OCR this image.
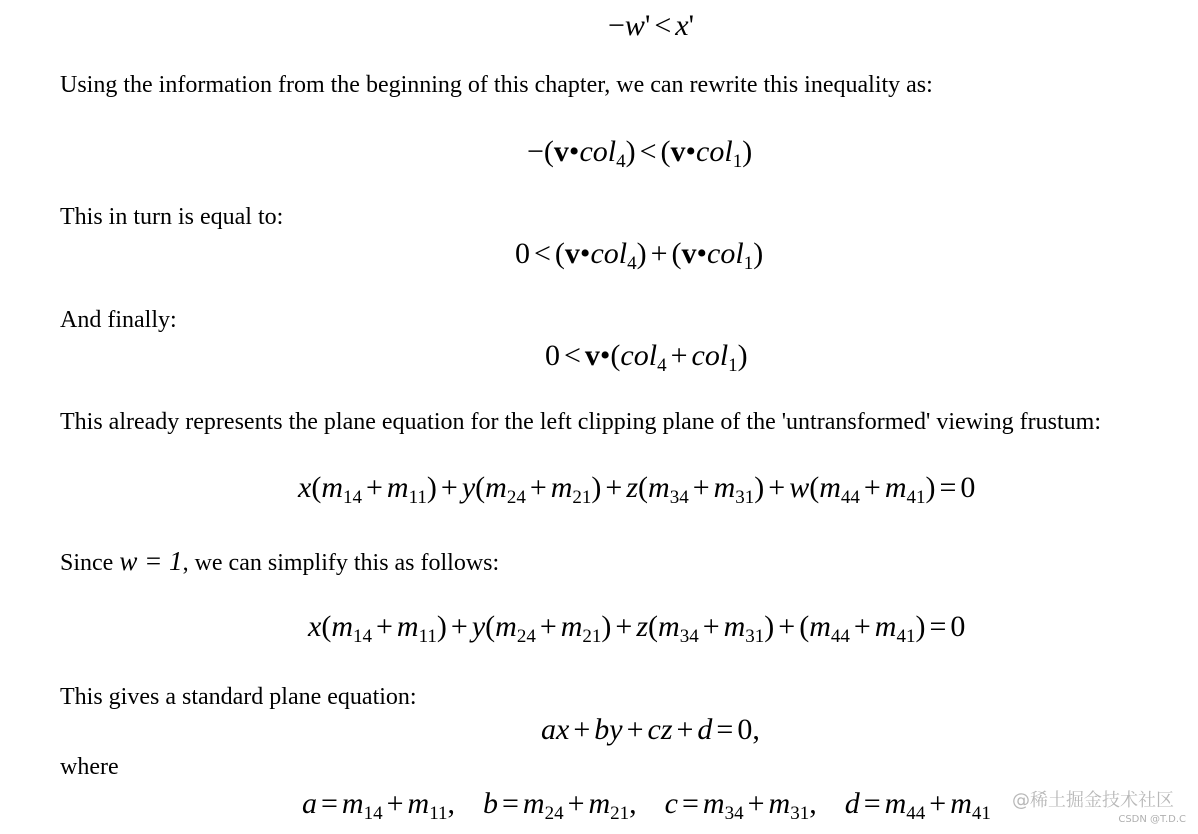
−w' < x'

Using the information from the beginning of this chapter, we can rewrite this inequality as:

−(v•col$_4$) < (v•col$_1$)

This in turn is equal to:

0 < (v•col$_4$) + (v•col$_1$)

And finally:

0 < v•(col$_4$ + col$_1$)

This already represents the plane equation for the left clipping plane of the 'untransformed' viewing frustum:

$x(m_{14} + m_{11}) + y(m_{24} + m_{21}) + z(m_{34} + m_{31}) + w(m_{44} + m_{41}) = 0$

Since w = 1, we can simplify this as follows:

$x(m_{14} + m_{11}) + y(m_{24} + m_{21}) + z(m_{34} + m_{31}) + (m_{44} + m_{41}) = 0$

This gives a standard plane equation:

ax + by + cz + d = 0,

where

$a = m_{14} + m_{11}$, $b = m_{24} + m_{21}$, $c = m_{34} + m_{31}$, $d = m_{44} + m_{41}$
@稀土掘金技术社区
CSDN @T.D.C
